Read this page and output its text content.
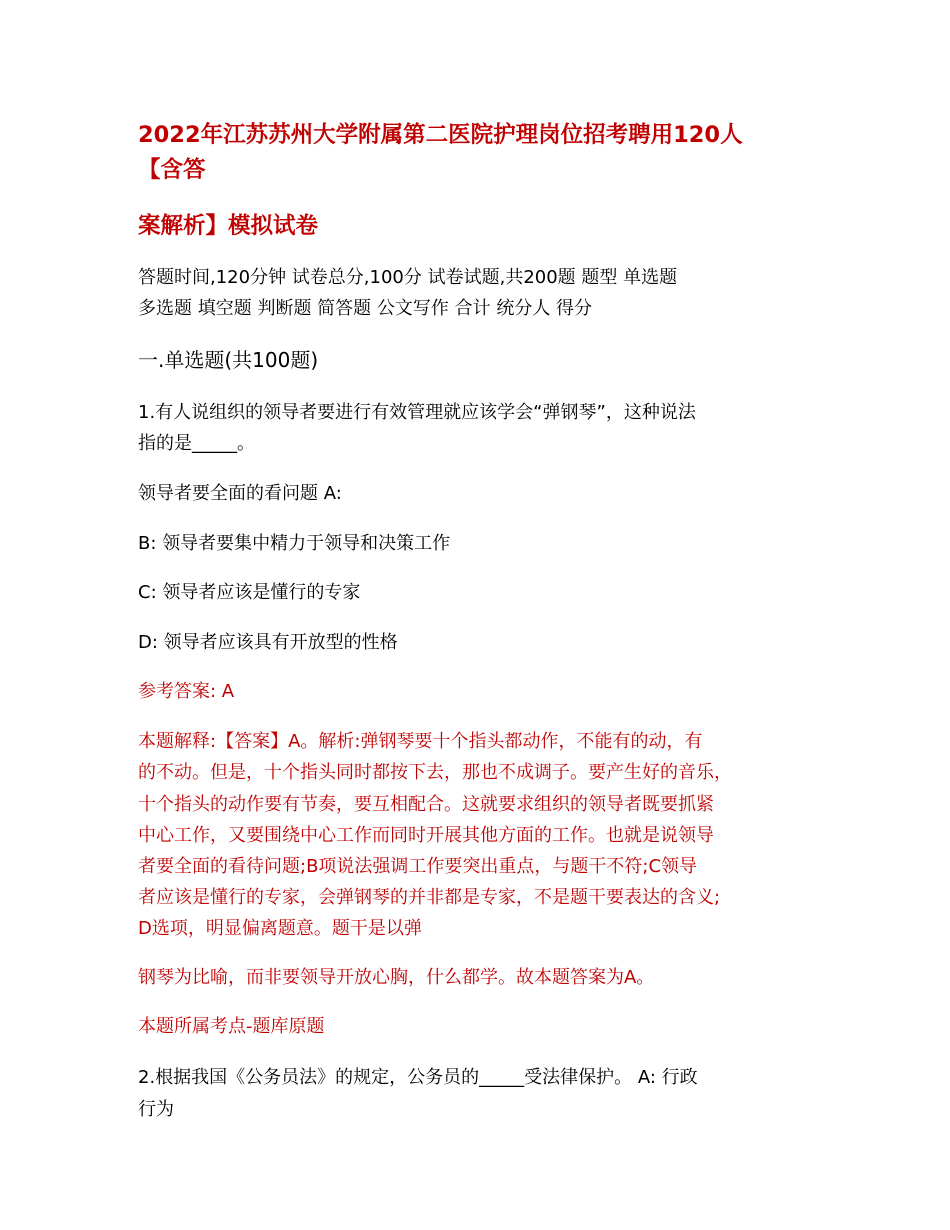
2022年江苏苏州大学附属第二医院护理岗位招考聘用120人

【含答

案解析】模拟试卷

答题时间,120分钟 试卷总分,100分 试卷试题,共200题 题型 单选题

多选题 填空题 判断题 简答题 公文写作 合计 统分人 得分

一.单选题(共100题)

1.有人说组织的领导者要进行有效管理就应该学会“弹钢琴”，这种说法

指的是_____。

领导者要全面的看问题 A:

B: 领导者要集中精力于领导和决策工作

C: 领导者应该是懂行的专家

D: 领导者应该具有开放型的性格

参考答案: A

本题解释:【答案】A。解析:弹钢琴要十个指头都动作，不能有的动，有

的不动。但是，十个指头同时都按下去，那也不成调子。要产生好的音乐，

十个指头的动作要有节奏，要互相配合。这就要求组织的领导者既要抓紧

中心工作，又要围绕中心工作而同时开展其他方面的工作。也就是说领导

者要全面的看待问题;B项说法强调工作要突出重点，与题干不符;C领导

者应该是懂行的专家，会弹钢琴的并非都是专家，不是题干要表达的含义;

D选项，明显偏离题意。题干是以弹

钢琴为比喻，而非要领导开放心胸，什么都学。故本题答案为A。

本题所属考点-题库原题

2.根据我国《公务员法》的规定，公务员的_____受法律保护。 A: 行政

行为
